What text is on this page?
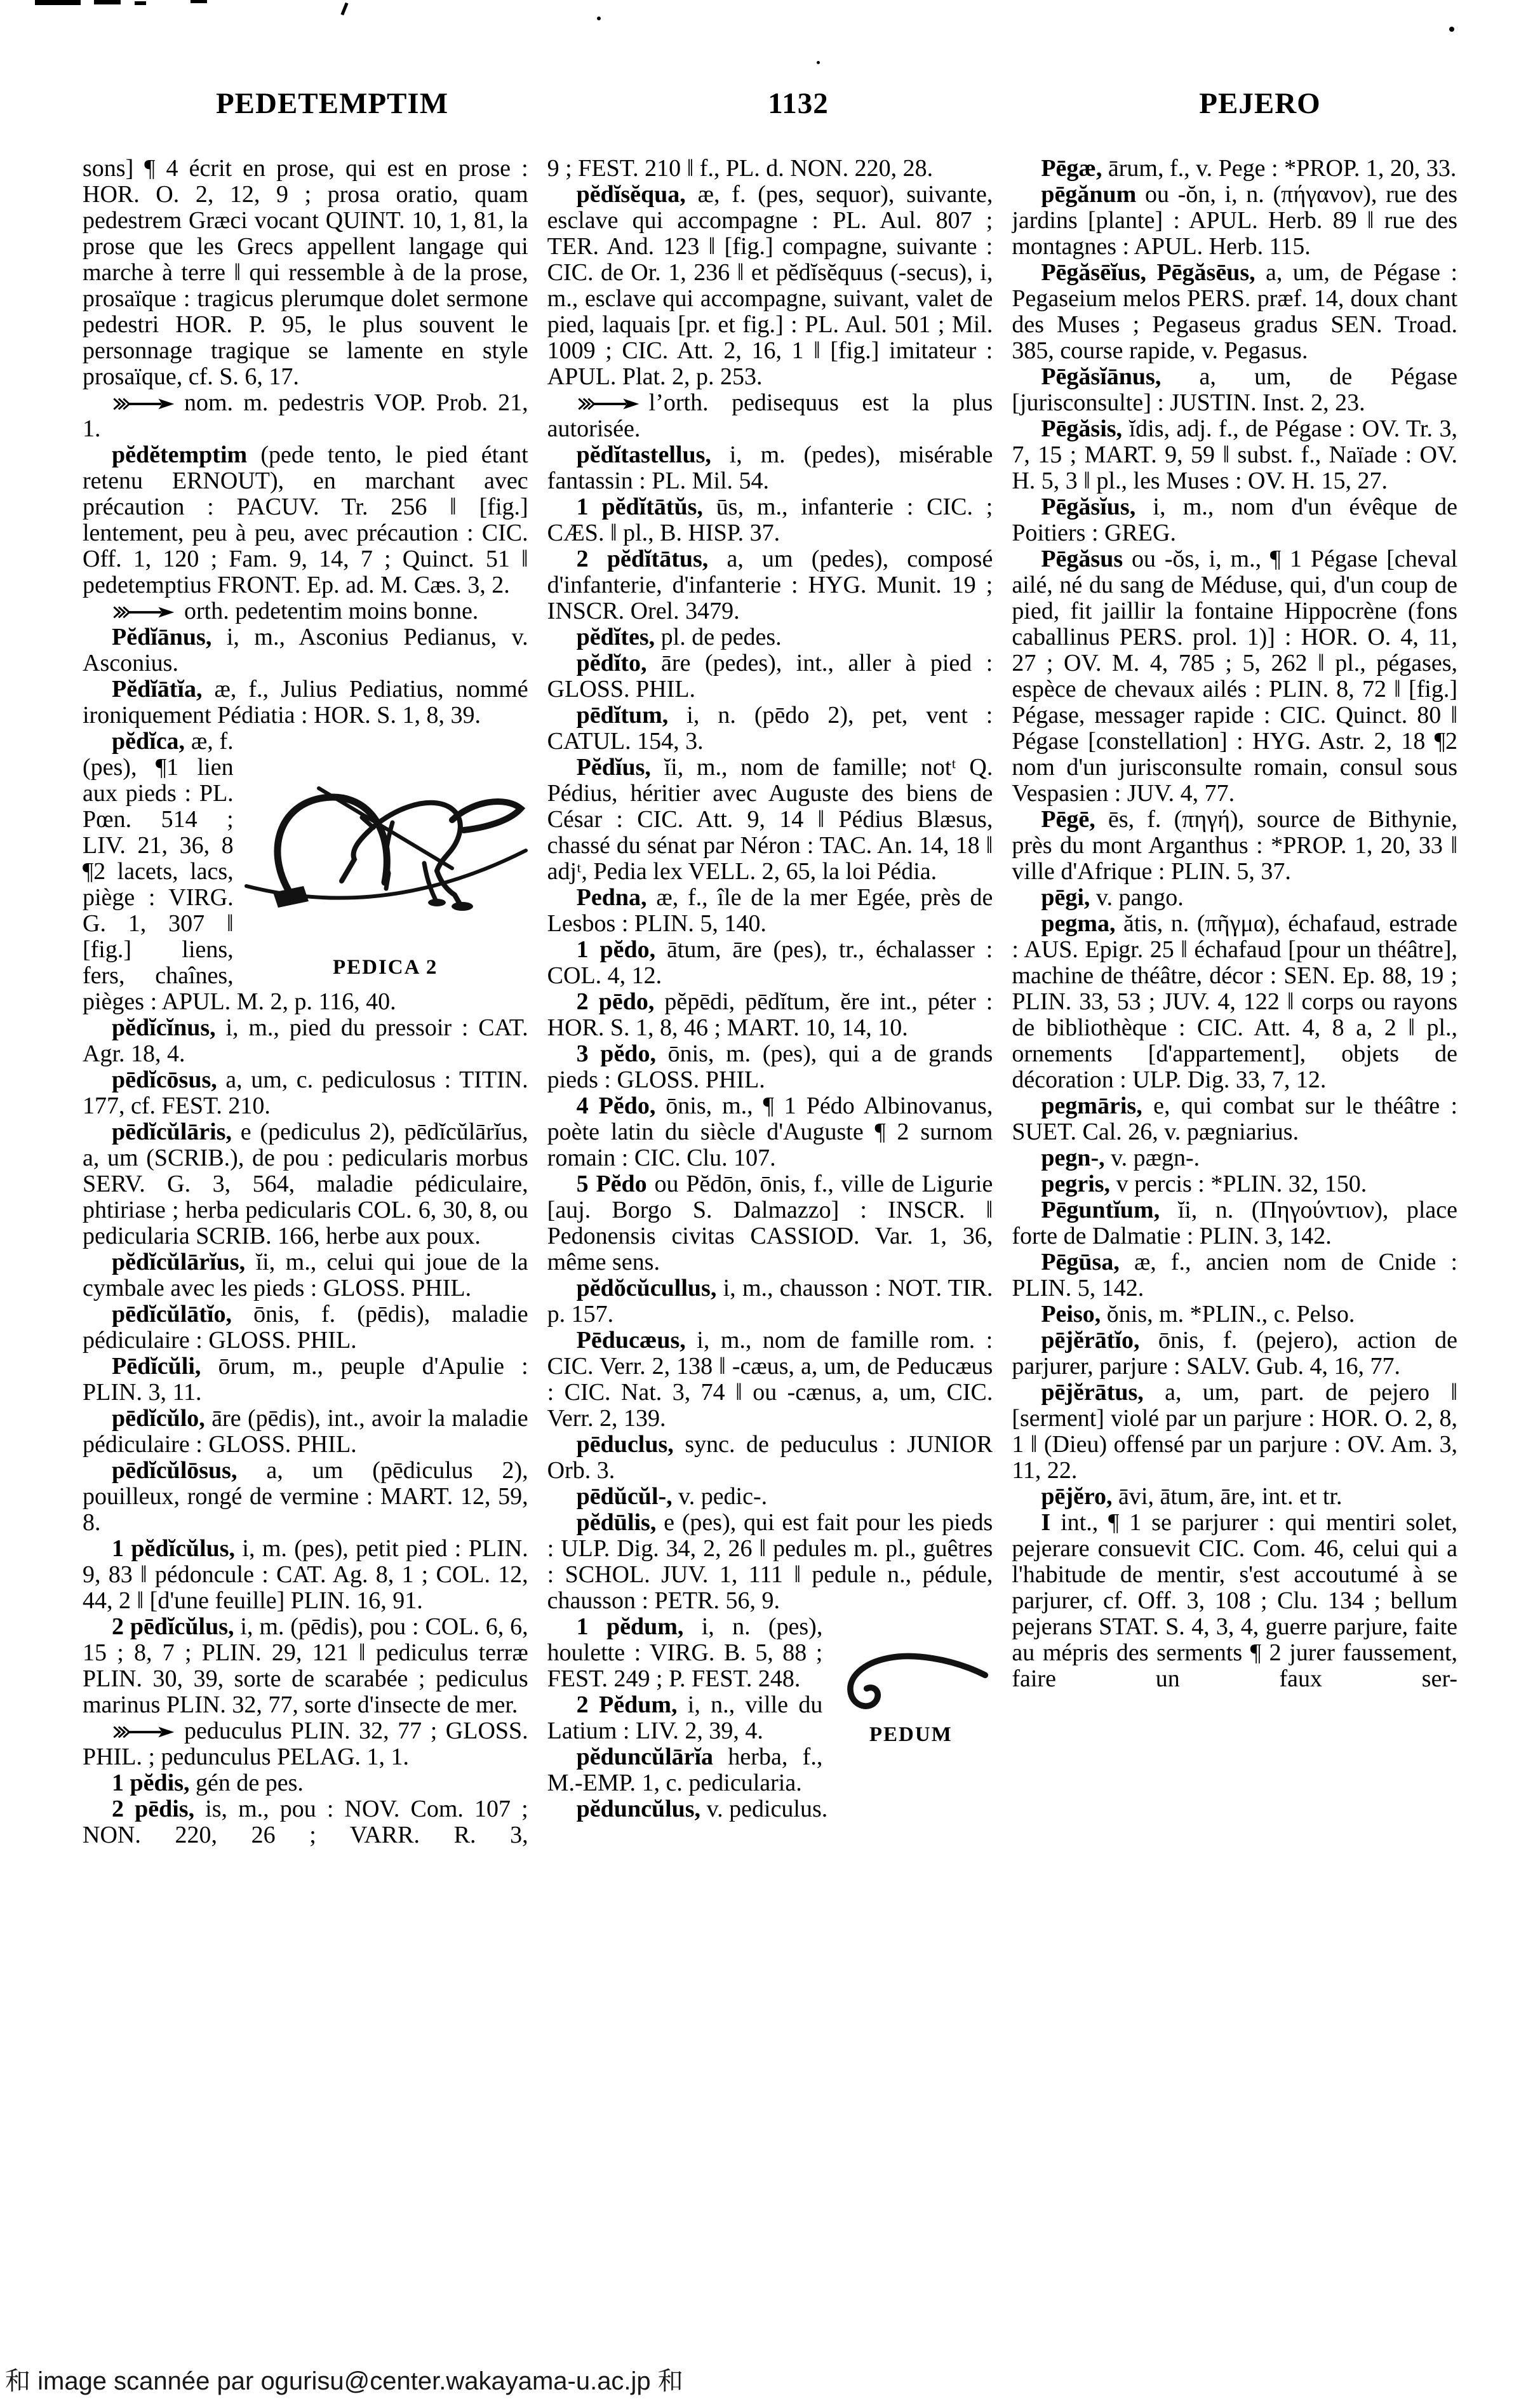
PEDETEMPTIM	1132	PEJERO

sons] ¶ 4 écrit en prose, qui est en prose : HOR. O. 2, 12, 9 ; prosa oratio, quam pedestrem Græci vocant QUINT. 10, 1, 81, la prose que les Grecs appellent langage qui marche à terre ‖ qui ressemble à de la prose, prosaïque : tragicus plerumque dolet sermone pedestri HOR. P. 95, le plus souvent le personnage tragique se lamente en style prosaïque, cf. S. 6, 17.

nom. m. pedestris VOP. Prob. 21, 1.

pĕdĕtemptim (pede tento, le pied étant retenu ERNOUT), en marchant avec précaution : PACUV. Tr. 256 ‖ [fig.] lentement, peu à peu, avec précaution : CIC. Off. 1, 120 ; Fam. 9, 14, 7 ; Quinct. 51 ‖ pedetemptius FRONT. Ep. ad. M. Cæs. 3, 2.

orth. pedetentim moins bonne.

Pĕdĭānus, i, m., Asconius Pedianus, v. Asconius.

Pĕdĭātĭa, æ, f., Julius Pediatius, nommé ironiquement Pédiatia : HOR. S. 1, 8, 39.

PEDICA 2
pĕdĭca, æ, f. (pes), ¶1 lien aux pieds : PL. Pœn. 514 ; LIV. 21, 36, 8 ¶2 lacets, lacs, piège : VIRG. G. 1, 307 ‖ [fig.] liens, fers, chaînes, pièges : APUL. M. 2, p. 116, 40.

pĕdĭcĭnus, i, m., pied du pressoir : CAT. Agr. 18, 4.

pēdĭcōsus, a, um, c. pediculosus : TITIN. 177, cf. FEST. 210.

pēdĭcŭlāris, e (pediculus 2), pēdĭcŭlārĭus, a, um (SCRIB.), de pou : pedicularis morbus SERV. G. 3, 564, maladie pédiculaire, phtiriase ; herba pedicularis COL. 6, 30, 8, ou pedicularia SCRIB. 166, herbe aux poux.

pĕdĭcŭlārĭus, ĭi, m., celui qui joue de la cymbale avec les pieds : GLOSS. PHIL.

pēdĭcŭlātĭo, ōnis, f. (pēdis), maladie pédiculaire : GLOSS. PHIL.

Pēdĭcŭli, ōrum, m., peuple d'Apulie : PLIN. 3, 11.

pēdĭcŭlo, āre (pēdis), int., avoir la maladie pédiculaire : GLOSS. PHIL.

pēdĭcŭlōsus, a, um (pēdiculus 2), pouilleux, rongé de vermine : MART. 12, 59, 8.

1 pĕdĭcŭlus, i, m. (pes), petit pied : PLIN. 9, 83 ‖ pédoncule : CAT. Ag. 8, 1 ; COL. 12, 44, 2 ‖ [d'une feuille] PLIN. 16, 91.

2 pēdĭcŭlus, i, m. (pēdis), pou : COL. 6, 6, 15 ; 8, 7 ; PLIN. 29, 121 ‖ pediculus terræ PLIN. 30, 39, sorte de scarabée ; pediculus marinus PLIN. 32, 77, sorte d'insecte de mer.

peduculus PLIN. 32, 77 ; GLOSS. PHIL. ; pedunculus PELAG. 1, 1.

1 pĕdis, gén de pes.

2 pēdis, is, m., pou : NOV. Com. 107 ; NON. 220, 26 ; VARR. R. 3,

9 ; FEST. 210 ‖ f., PL. d. NON. 220, 28.

pĕdĭsĕqua, æ, f. (pes, sequor), suivante, esclave qui accompagne : PL. Aul. 807 ; TER. And. 123 ‖ [fig.] compagne, suivante : CIC. de Or. 1, 236 ‖ et pĕdĭsĕquus (-secus), i, m., esclave qui accompagne, suivant, valet de pied, laquais [pr. et fig.] : PL. Aul. 501 ; Mil. 1009 ; CIC. Att. 2, 16, 1 ‖ [fig.] imitateur : APUL. Plat. 2, p. 253.

l’orth. pedisequus est la plus autorisée.

pĕdĭtastellus, i, m. (pedes), misérable fantassin : PL. Mil. 54.

1 pĕdĭtātŭs, ūs, m., infanterie : CIC. ; CÆS. ‖ pl., B. HISP. 37.

2 pĕdĭtātus, a, um (pedes), composé d'infanterie, d'infanterie : HYG. Munit. 19 ; INSCR. Orel. 3479.

pĕdĭtes, pl. de pedes.

pĕdĭto, āre (pedes), int., aller à pied : GLOSS. PHIL.

pēdĭtum, i, n. (pēdo 2), pet, vent : CATUL. 154, 3.

Pĕdĭus, ĭi, m., nom de famille; notᵗ Q. Pédius, héritier avec Auguste des biens de César : CIC. Att. 9, 14 ‖ Pédius Blæsus, chassé du sénat par Néron : TAC. An. 14, 18 ‖ adjᵗ, Pedia lex VELL. 2, 65, la loi Pédia.

Pedna, æ, f., île de la mer Egée, près de Lesbos : PLIN. 5, 140.

1 pĕdo, ātum, āre (pes), tr., échalasser : COL. 4, 12.

2 pēdo, pĕpēdi, pēdĭtum, ĕre int., péter : HOR. S. 1, 8, 46 ; MART. 10, 14, 10.

3 pĕdo, ōnis, m. (pes), qui a de grands pieds : GLOSS. PHIL.

4 Pĕdo, ōnis, m., ¶ 1 Pédo Albinovanus, poète latin du siècle d'Auguste ¶ 2 surnom romain : CIC. Clu. 107.

5 Pĕdo ou Pĕdōn, ōnis, f., ville de Ligurie [auj. Borgo S. Dalmazzo] : INSCR. ‖ Pedonensis civitas CASSIOD. Var. 1, 36, même sens.

pĕdŏcŭcullus, i, m., chausson : NOT. TIR. p. 157.

Pēducæus, i, m., nom de famille rom. : CIC. Verr. 2, 138 ‖ -cæus, a, um, de Peducæus : CIC. Nat. 3, 74 ‖ ou -cænus, a, um, CIC. Verr. 2, 139.

pēduclus, sync. de peduculus : JUNIOR Orb. 3.

pēdŭcŭl-, v. pedic-.

pĕdūlis, e (pes), qui est fait pour les pieds : ULP. Dig. 34, 2, 26 ‖ pedules m. pl., guêtres : SCHOL. JUV. 1, 111 ‖ pedule n., pédule, chausson : PETR. 56, 9.

PEDUM
1 pĕdum, i, n. (pes), houlette : VIRG. B. 5, 88 ; FEST. 249 ; P. FEST. 248.

2 Pĕdum, i, n., ville du Latium : LIV. 2, 39, 4.

pĕduncŭlārĭa herba, f., M.-EMP. 1, c. pedicularia.

pĕduncŭlus, v. pediculus.

Pēgæ, ārum, f., v. Pege : *PROP. 1, 20, 33.

pēgănum ou -ŏn, i, n. (πήγανον), rue des jardins [plante] : APUL. Herb. 89 ‖ rue des montagnes : APUL. Herb. 115.

Pēgăsēĭus, Pēgăsēus, a, um, de Pégase : Pegaseium melos PERS. præf. 14, doux chant des Muses ; Pegaseus gradus SEN. Troad. 385, course rapide, v. Pegasus.

Pēgăsĭānus, a, um, de Pégase [jurisconsulte] : JUSTIN. Inst. 2, 23.

Pēgăsis, ĭdis, adj. f., de Pégase : OV. Tr. 3, 7, 15 ; MART. 9, 59 ‖ subst. f., Naïade : OV. H. 5, 3 ‖ pl., les Muses : OV. H. 15, 27.

Pēgăsĭus, i, m., nom d'un évêque de Poitiers : GREG.

Pēgăsus ou -ŏs, i, m., ¶ 1 Pégase [cheval ailé, né du sang de Méduse, qui, d'un coup de pied, fit jaillir la fontaine Hippocrène (fons caballinus PERS. prol. 1)] : HOR. O. 4, 11, 27 ; OV. M. 4, 785 ; 5, 262 ‖ pl., pégases, espèce de chevaux ailés : PLIN. 8, 72 ‖ [fig.] Pégase, messager rapide : CIC. Quinct. 80 ‖ Pégase [constellation] : HYG. Astr. 2, 18 ¶2 nom d'un jurisconsulte romain, consul sous Vespasien : JUV. 4, 77.

Pēgē, ēs, f. (πηγή), source de Bithynie, près du mont Arganthus : *PROP. 1, 20, 33 ‖ ville d'Afrique : PLIN. 5, 37.

pēgi, v. pango.

pegma, ătis, n. (πῆγμα), échafaud, estrade : AUS. Epigr. 25 ‖ échafaud [pour un théâtre], machine de théâtre, décor : SEN. Ep. 88, 19 ; PLIN. 33, 53 ; JUV. 4, 122 ‖ corps ou rayons de bibliothèque : CIC. Att. 4, 8 a, 2 ‖ pl., ornements [d'appartement], objets de décoration : ULP. Dig. 33, 7, 12.

pegmāris, e, qui combat sur le théâtre : SUET. Cal. 26, v. pægniarius.

pegn-, v. pægn-.

pegris, v percis : *PLIN. 32, 150.

Pēguntĭum, ĭi, n. (Πηγούντιον), place forte de Dalmatie : PLIN. 3, 142.

Pēgūsa, æ, f., ancien nom de Cnide : PLIN. 5, 142.

Peiso, ŏnis, m. *PLIN., c. Pelso.

pējĕrātĭo, ōnis, f. (pejero), action de parjurer, parjure : SALV. Gub. 4, 16, 77.

pējĕrātus, a, um, part. de pejero ‖ [serment] violé par un parjure : HOR. O. 2, 8, 1 ‖ (Dieu) offensé par un parjure : OV. Am. 3, 11, 22.

pējĕro, āvi, ātum, āre, int. et tr.

I int., ¶ 1 se parjurer : qui mentiri solet, pejerare consuevit CIC. Com. 46, celui qui a l'habitude de mentir, s'est accoutumé à se parjurer, cf. Off. 3, 108 ; Clu. 134 ; bellum pejerans STAT. S. 4, 3, 4, guerre parjure, faite au mépris des serments ¶ 2 jurer faussement, faire un faux ser-

和 image scannée par ogurisu@center.wakayama-u.ac.jp 和
